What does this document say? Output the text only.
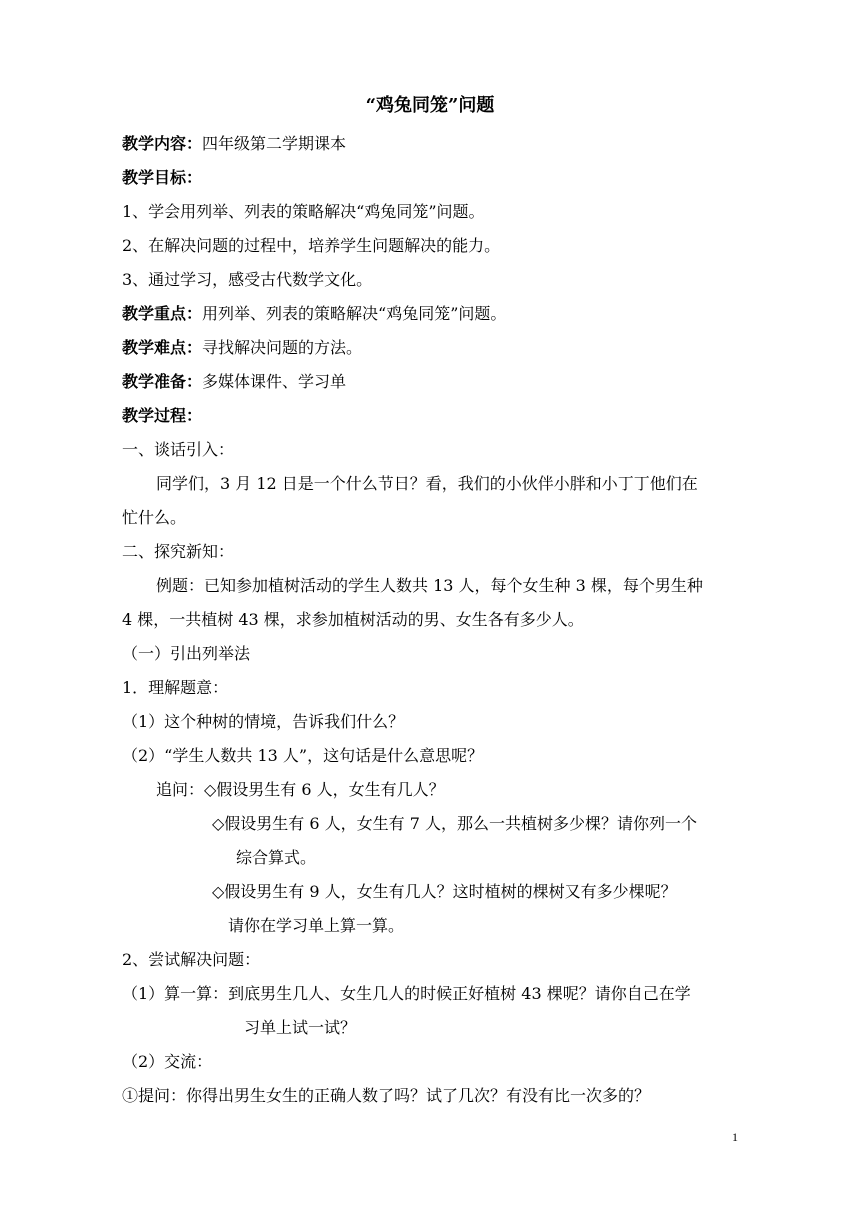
“鸡兔同笼”问题
教学内容：四年级第二学期课本
教学目标：
1、学会用列举、列表的策略解决“鸡兔同笼”问题。
2、在解决问题的过程中，培养学生问题解决的能力。
3、通过学习，感受古代数学文化。
教学重点：用列举、列表的策略解决“鸡兔同笼”问题。
教学难点：寻找解决问题的方法。
教学准备：多媒体课件、学习单
教学过程：
一、谈话引入：
同学们，3 月 12 日是一个什么节日？看，我们的小伙伴小胖和小丁丁他们在
忙什么。
二、探究新知：
例题：已知参加植树活动的学生人数共 13 人，每个女生种 3 棵，每个男生种
4 棵，一共植树 43 棵，求参加植树活动的男、女生各有多少人。
（一）引出列举法
1．理解题意：
（1）这个种树的情境，告诉我们什么？
（2）“学生人数共 13 人”，这句话是什么意思呢？
追问：◇假设男生有 6 人，女生有几人？
◇假设男生有 6 人，女生有 7 人，那么一共植树多少棵？请你列一个
综合算式。
◇假设男生有 9 人，女生有几人？这时植树的棵树又有多少棵呢？
请你在学习单上算一算。
2、尝试解决问题：
（1）算一算：到底男生几人、女生几人的时候正好植树 43 棵呢？请你自己在学
习单上试一试？
（2）交流：
①提问：你得出男生女生的正确人数了吗？试了几次？有没有比一次多的？
1
